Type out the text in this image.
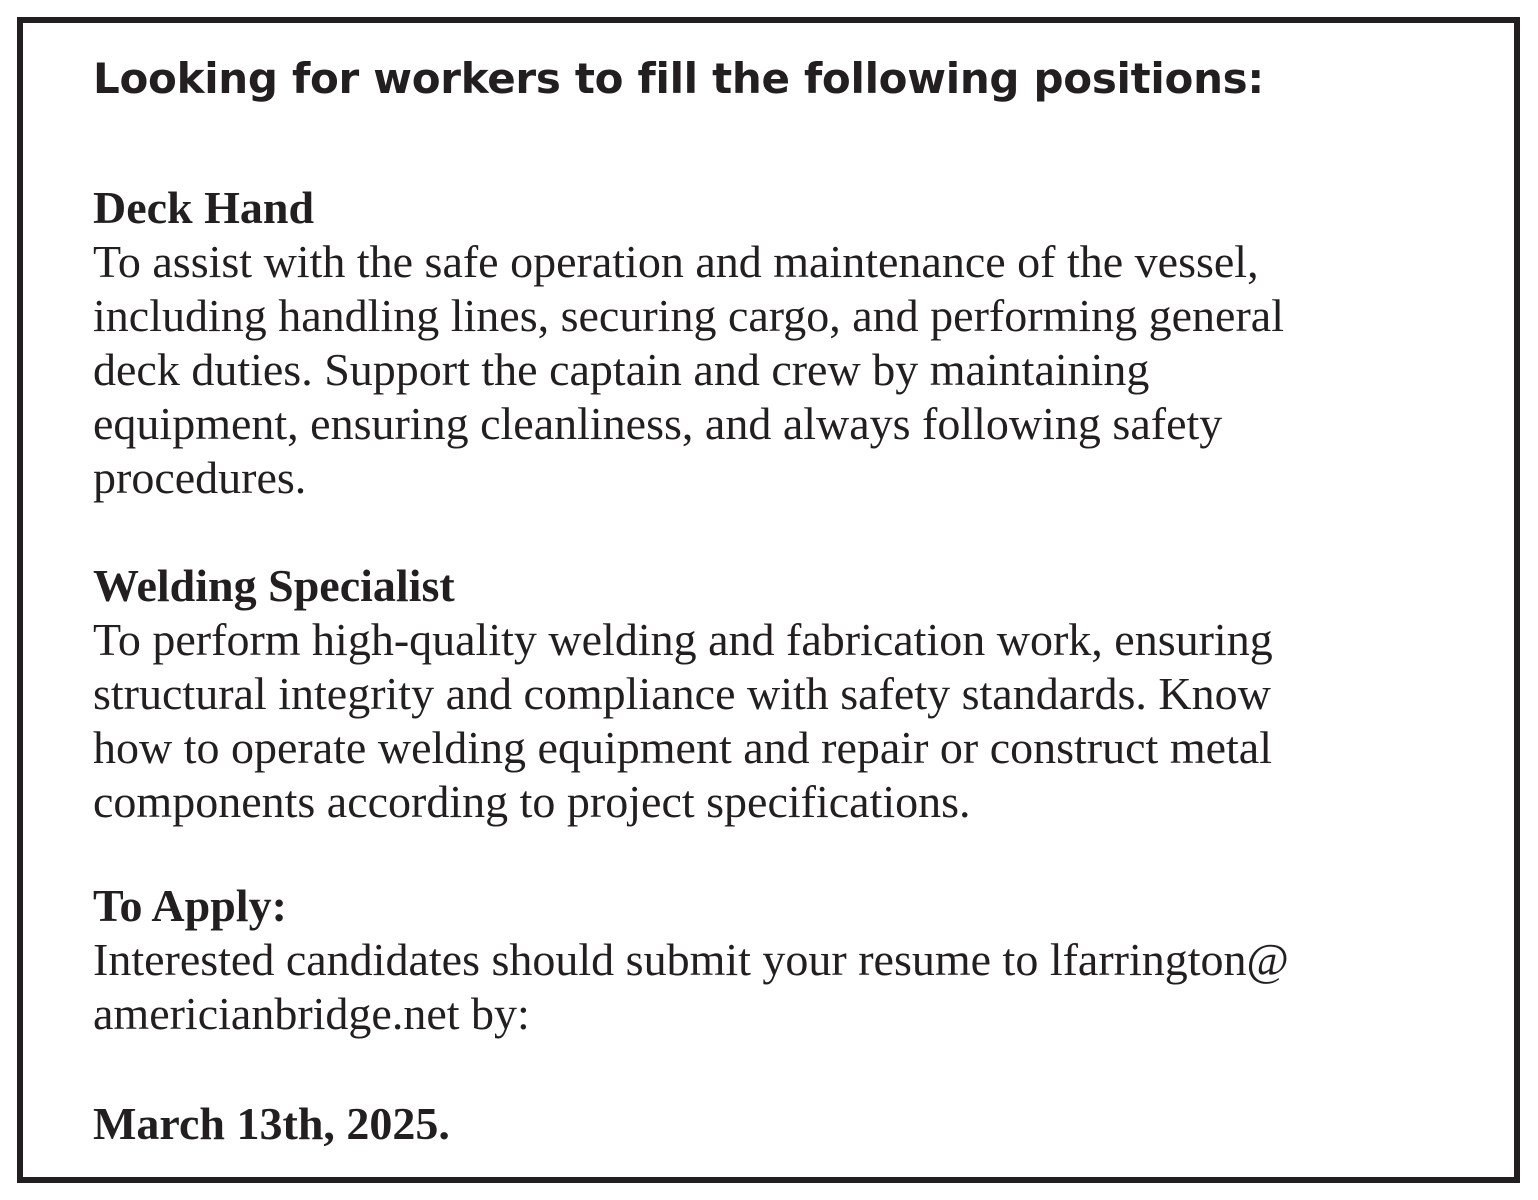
Looking for workers to fill the following positions:
Deck Hand
To assist with the safe operation and maintenance of the vessel,
including handling lines, securing cargo, and performing general
deck duties. Support the captain and crew by maintaining
equipment, ensuring cleanliness, and always following safety
procedures.
Welding Specialist
To perform high-quality welding and fabrication work, ensuring
structural integrity and compliance with safety standards. Know
how to operate welding equipment and repair or construct metal
components according to project specifications.
To Apply:
Interested candidates should submit your resume to lfarrington@
americianbridge.net by:
March 13th, 2025.
